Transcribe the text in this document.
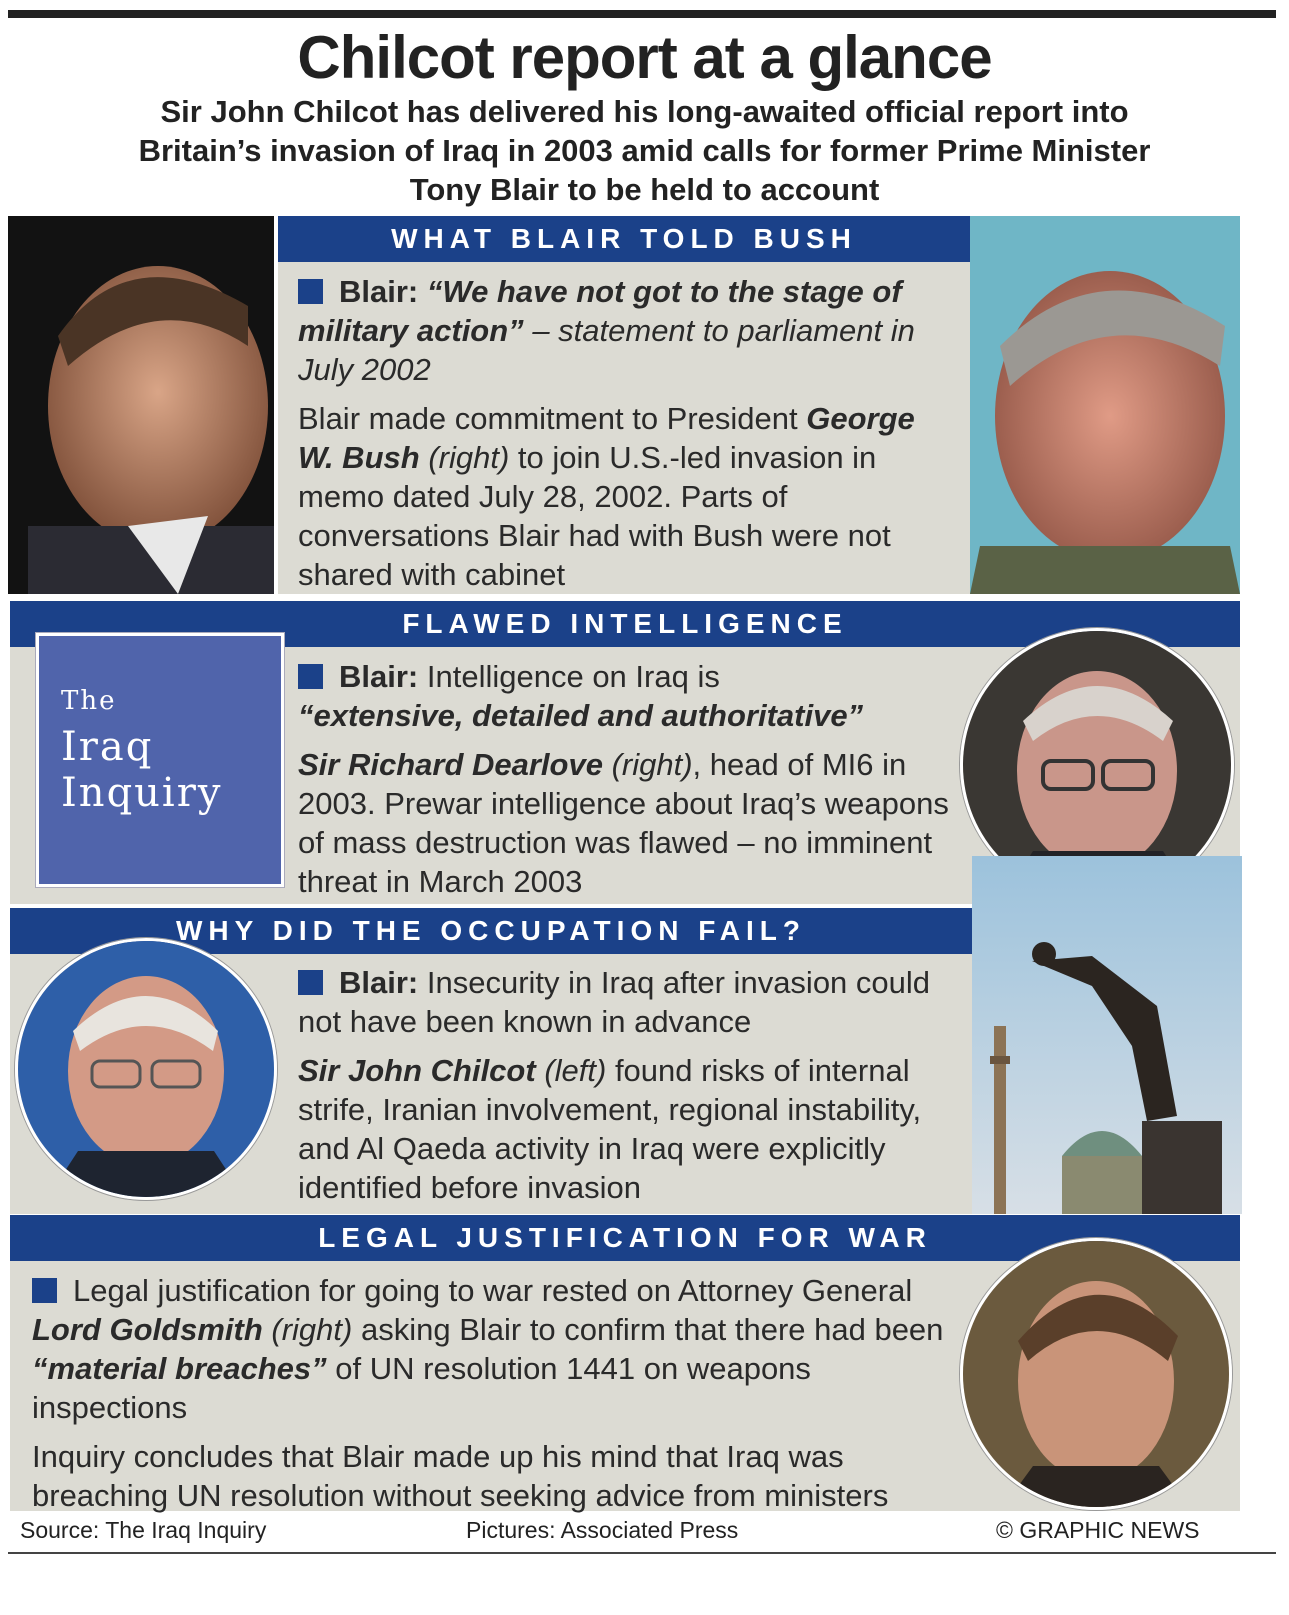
Chilcot report at a glance
Sir John Chilcot has delivered his long-awaited official report into
Britain’s invasion of Iraq in 2003 amid calls for former Prime Minister
Tony Blair to be held to account
WHAT BLAIR TOLD BUSH

Blair: “We have not got to the stage of military action” – statement to parliament in July 2002

Blair made commitment to President George W. Bush (right) to join U.S.-led invasion in memo dated July 28, 2002. Parts of conversations Blair had with Bush were not shared with cabinet

FLAWED INTELLIGENCE
The
Iraq
Inquiry

Blair: Intelligence on Iraq is
“extensive, detailed and authoritative”

Sir Richard Dearlove (right), head of MI6 in 2003. Prewar intelligence about Iraq’s weapons of mass destruction was flawed – no imminent threat in March 2003

WHY DID THE OCCUPATION FAIL?

Blair: Insecurity in Iraq after invasion could not have been known in advance

Sir John Chilcot (left) found risks of internal strife, Iranian involvement, regional instability, and Al Qaeda activity in Iraq were explicitly identified before invasion

LEGAL JUSTIFICATION FOR WAR

Legal justification for going to war rested on Attorney General Lord Goldsmith (right) asking Blair to confirm that there had been “material breaches” of UN resolution 1441 on weapons inspections

Inquiry concludes that Blair made up his mind that Iraq was breaching UN resolution without seeking advice from ministers

Source: The Iraq Inquiry	Pictures: Associated Press	© GRAPHIC NEWS
